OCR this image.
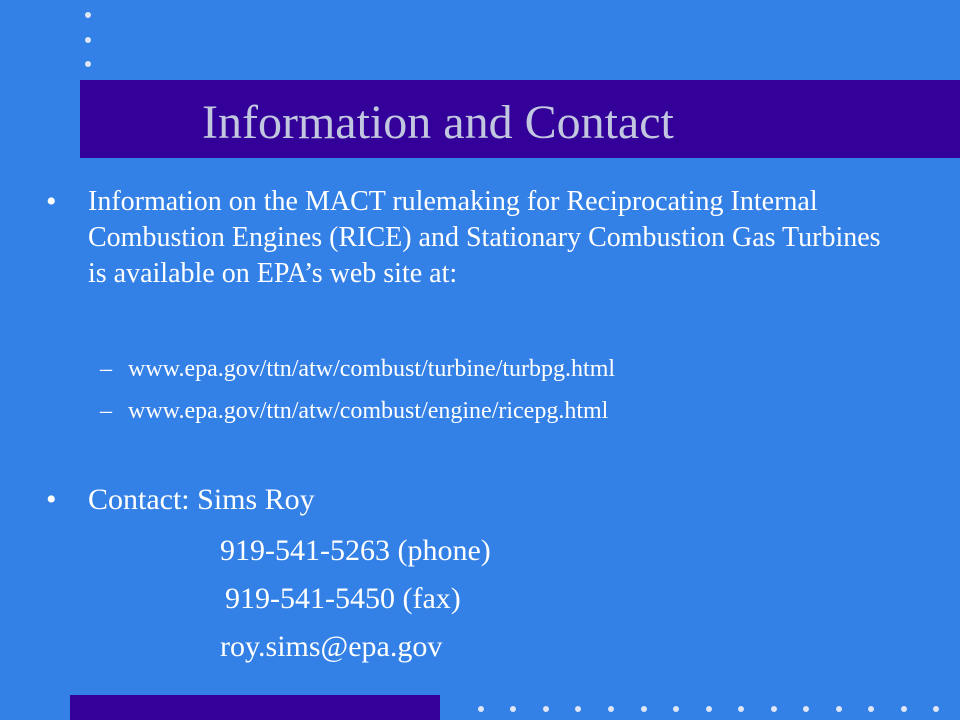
Information and Contact
• Information on the MACT rulemaking for Reciprocating Internal Combustion Engines (RICE) and Stationary Combustion Gas Turbines is available on EPA’s web site at:
– www.epa.gov/ttn/atw/combust/turbine/turbpg.html
– www.epa.gov/ttn/atw/combust/engine/ricepg.html
• Contact: Sims Roy
919-541-5263 (phone)
919-541-5450 (fax)
roy.sims@epa.gov
